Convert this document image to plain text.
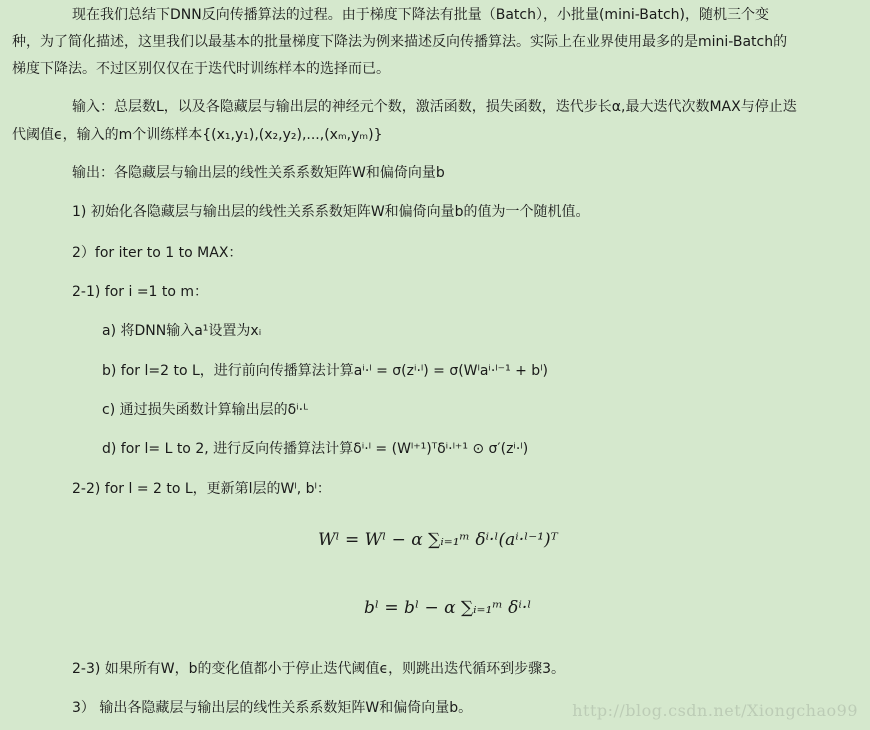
现在我们总结下DNN反向传播算法的过程。由于梯度下降法有批量（Batch），小批量(mini-Batch)，随机三个变
种，为了简化描述，这里我们以最基本的批量梯度下降法为例来描述反向传播算法。实际上在业界使用最多的是mini-Batch的
梯度下降法。不过区别仅仅在于迭代时训练样本的选择而已。
输入：总层数L，以及各隐藏层与输出层的神经元个数，激活函数，损失函数，迭代步长α,最大迭代次数MAX与停止迭
代阈值ϵ，输入的m个训练样本{(x₁,y₁),(x₂,y₂),...,(xₘ,yₘ)}
输出：各隐藏层与输出层的线性关系系数矩阵W和偏倚向量b
1) 初始化各隐藏层与输出层的线性关系系数矩阵W和偏倚向量b的值为一个随机值。
2）for iter to 1 to MAX：
2-1) for i =1 to m：
a) 将DNN输入a¹设置为xᵢ
b) for l=2 to L，进行前向传播算法计算aⁱ·ˡ = σ(zⁱ·ˡ) = σ(Wˡaⁱ·ˡ⁻¹ + bˡ)
c) 通过损失函数计算输出层的δⁱ·ᴸ
d) for l= L to 2, 进行反向传播算法计算δⁱ·ˡ = (Wˡ⁺¹)ᵀδⁱ·ˡ⁺¹ ⊙ σ′(zⁱ·ˡ)
2-2) for l = 2 to L，更新第l层的Wˡ, bˡ：
Wˡ = Wˡ − α ∑ᵢ₌₁ᵐ δⁱ·ˡ(aⁱ·ˡ⁻¹)ᵀ
bˡ = bˡ − α ∑ᵢ₌₁ᵐ δⁱ·ˡ
2-3) 如果所有W，b的变化值都小于停止迭代阈值ϵ，则跳出迭代循环到步骤3。
3） 输出各隐藏层与输出层的线性关系系数矩阵W和偏倚向量b。	http://blog.csdn.net/Xiongchao99
